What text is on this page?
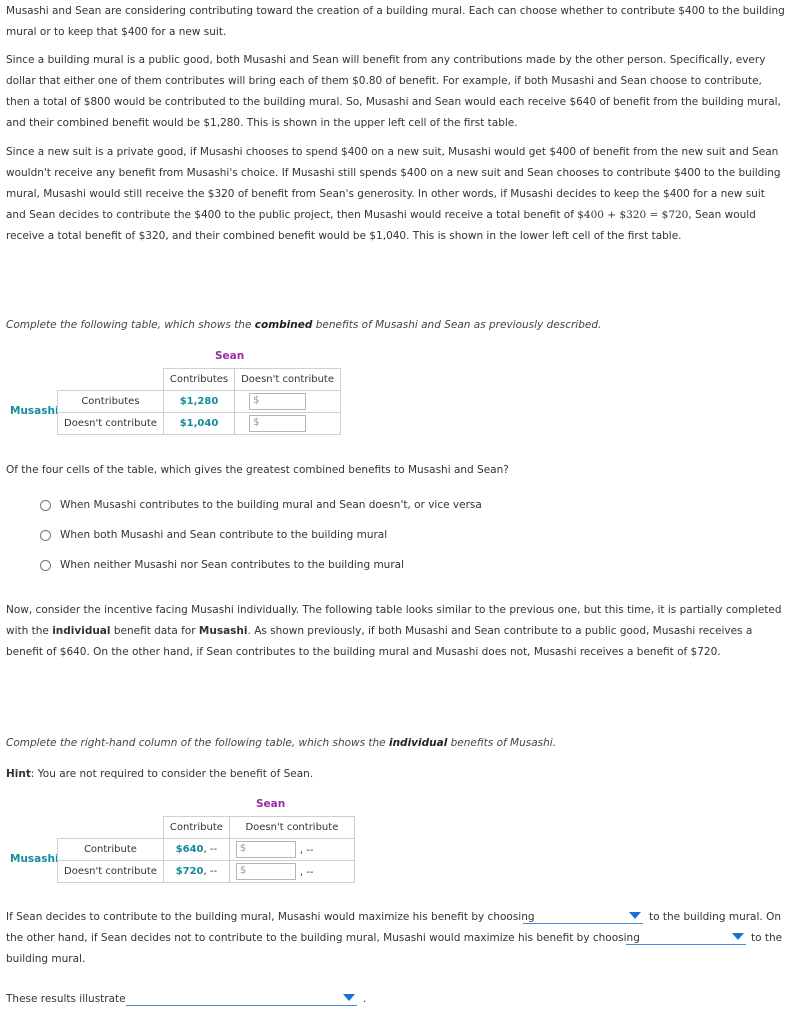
Musashi and Sean are considering contributing toward the creation of a building mural. Each can choose whether to contribute $400 to the building mural or to keep that $400 for a new suit.

Since a building mural is a public good, both Musashi and Sean will benefit from any contributions made by the other person. Specifically, every dollar that either one of them contributes will bring each of them $0.80 of benefit. For example, if both Musashi and Sean choose to contribute, then a total of $800 would be contributed to the building mural. So, Musashi and Sean would each receive $640 of benefit from the building mural, and their combined benefit would be $1,280. This is shown in the upper left cell of the first table.

Since a new suit is a private good, if Musashi chooses to spend $400 on a new suit, Musashi would get $400 of benefit from the new suit and Sean wouldn't receive any benefit from Musashi's choice. If Musashi still spends $400 on a new suit and Sean chooses to contribute $400 to the building mural, Musashi would still receive the $320 of benefit from Sean's generosity. In other words, if Musashi decides to keep the $400 for a new suit and Sean decides to contribute the $400 to the public project, then Musashi would receive a total benefit of $400 + $320 = $720, Sean would receive a total benefit of $320, and their combined benefit would be $1,040. This is shown in the lower left cell of the first table.

Complete the following table, which shows the combined benefits of Musashi and Sean as previously described.

Sean
Musashi
	Contributes	Doesn't contribute
Contributes	$1,280	$
Doesn't contribute	$1,040	$
Of the four cells of the table, which gives the greatest combined benefits to Musashi and Sean?
When Musashi contributes to the building mural and Sean doesn't, or vice versa
When both Musashi and Sean contribute to the building mural
When neither Musashi nor Sean contributes to the building mural

Now, consider the incentive facing Musashi individually. The following table looks similar to the previous one, but this time, it is partially completed with the individual benefit data for Musashi. As shown previously, if both Musashi and Sean contribute to a public good, Musashi receives a benefit of $640. On the other hand, if Sean contributes to the building mural and Musashi does not, Musashi receives a benefit of $720.

Complete the right-hand column of the following table, which shows the individual benefits of Musashi.

Hint: You are not required to consider the benefit of Sean.

Sean
Musashi
	Contribute	Doesn't contribute
Contribute	$640, --	$ , --
Doesn't contribute	$720, --	$ , --
If Sean decides to contribute to the building mural, Musashi would maximize his benefit by choosing	to the building mural. On
the other hand, if Sean decides not to contribute to the building mural, Musashi would maximize his benefit by choosing	to the
building mural.
These results illustrate	.
